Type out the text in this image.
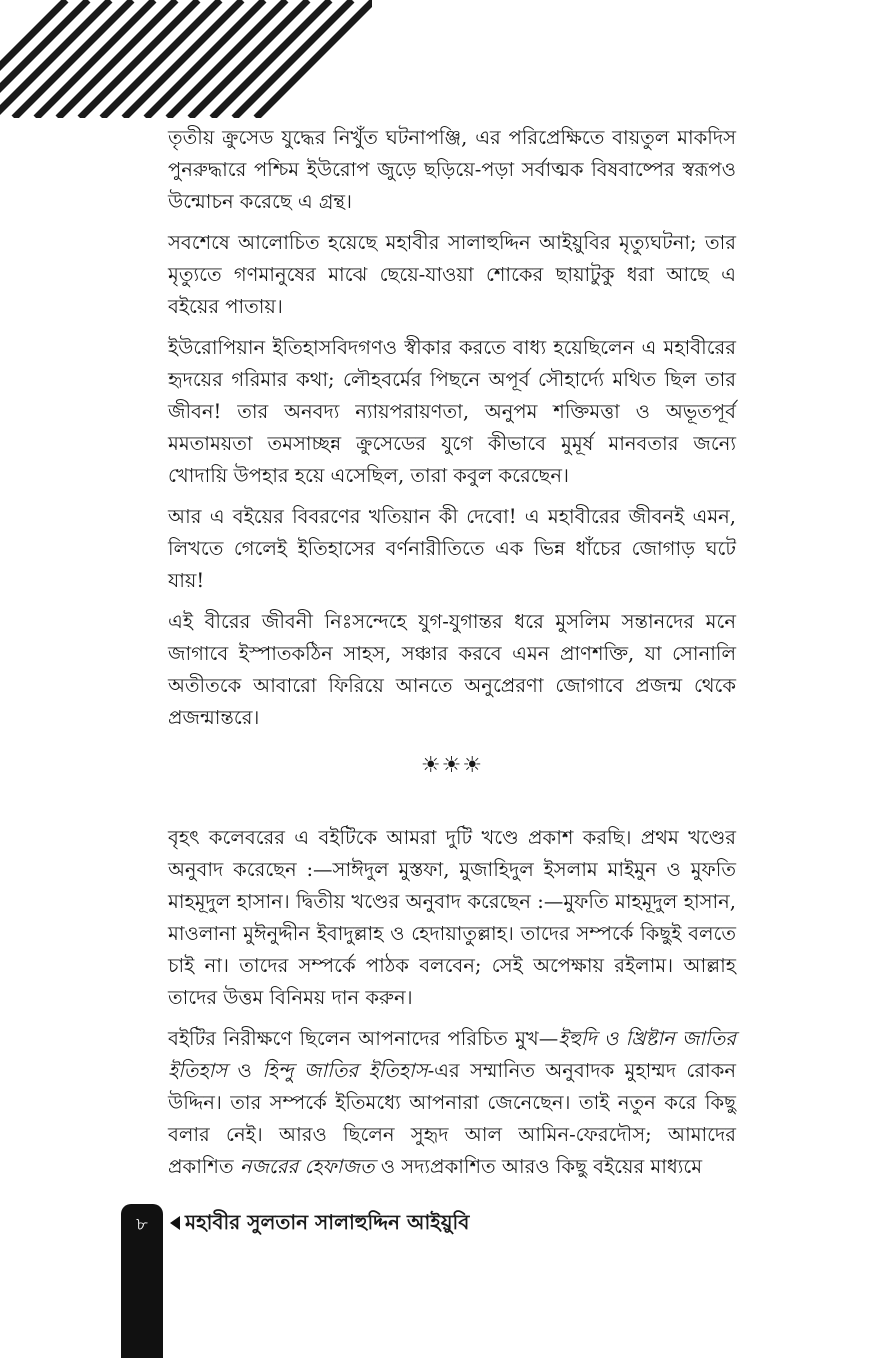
তৃতীয় ক্রুসেড যুদ্ধের নিখুঁত ঘটনাপঞ্জি, এর পরিপ্রেক্ষিতে বায়তুল মাকদিস পুনরুদ্ধারে পশ্চিম ইউরোপ জুড়ে ছড়িয়ে-পড়া সর্বাত্মক বিষবাষ্পের স্বরূপও উন্মোচন করেছে এ গ্রন্থ।

সবশেষে আলোচিত হয়েছে মহাবীর সালাহুদ্দিন আইয়ুবির মৃত্যুঘটনা; তার মৃত্যুতে গণমানুষের মাঝে ছেয়ে-যাওয়া শোকের ছায়াটুকু ধরা আছে এ বইয়ের পাতায়।

ইউরোপিয়ান ইতিহাসবিদগণও স্বীকার করতে বাধ্য হয়েছিলেন এ মহাবীরের হৃদয়ের গরিমার কথা; লৌহবর্মের পিছনে অপূর্ব সৌহার্দ্যে মথিত ছিল তার জীবন! তার অনবদ্য ন্যায়পরায়ণতা, অনুপম শক্তিমত্তা ও অভূতপূর্ব মমতাময়তা তমসাচ্ছন্ন ক্রুসেডের যুগে কীভাবে মুমূর্ষ মানবতার জন্যে খোদায়ি উপহার হয়ে এসেছিল, তারা কবুল করেছেন।

আর এ বইয়ের বিবরণের খতিয়ান কী দেবো! এ মহাবীরের জীবনই এমন, লিখতে গেলেই ইতিহাসের বর্ণনারীতিতে এক ভিন্ন ধাঁচের জোগাড় ঘটে যায়!

এই বীরের জীবনী নিঃসন্দেহে যুগ-যুগান্তর ধরে মুসলিম সন্তানদের মনে জাগাবে ইস্পাতকঠিন সাহস, সঞ্চার করবে এমন প্রাণশক্তি, যা সোনালি অতীতকে আবারো ফিরিয়ে আনতে অনুপ্রেরণা জোগাবে প্রজন্ম থেকে প্রজন্মান্তরে।

☀☀☀

বৃহৎ কলেবরের এ বইটিকে আমরা দুটি খণ্ডে প্রকাশ করছি। প্রথম খণ্ডের অনুবাদ করেছেন :—সাঈদুল মুস্তফা, মুজাহিদুল ইসলাম মাইমুন ও মুফতি মাহমূদুল হাসান। দ্বিতীয় খণ্ডের অনুবাদ করেছেন :—মুফতি মাহমূদুল হাসান, মাওলানা মুঈনুদ্দীন ইবাদুল্লাহ ও হেদায়াতুল্লাহ। তাদের সম্পর্কে কিছুই বলতে চাই না। তাদের সম্পর্কে পাঠক বলবেন; সেই অপেক্ষায় রইলাম। আল্লাহ তাদের উত্তম বিনিময় দান করুন।

বইটির নিরীক্ষণে ছিলেন আপনাদের পরিচিত মুখ—ইহুদি ও খ্রিষ্টান জাতির ইতিহাস ও হিন্দু জাতির ইতিহাস-এর সম্মানিত অনুবাদক মুহাম্মদ রোকন উদ্দিন। তার সম্পর্কে ইতিমধ্যে আপনারা জেনেছেন। তাই নতুন করে কিছু বলার নেই। আরও ছিলেন সুহৃদ আল আমিন-ফেরদৌস; আমাদের প্রকাশিত নজরের হেফাজত ও সদ্যপ্রকাশিত আরও কিছু বইয়ের মাধ্যমে

৮	মহাবীর সুলতান সালাহুদ্দিন আইয়ুবি
